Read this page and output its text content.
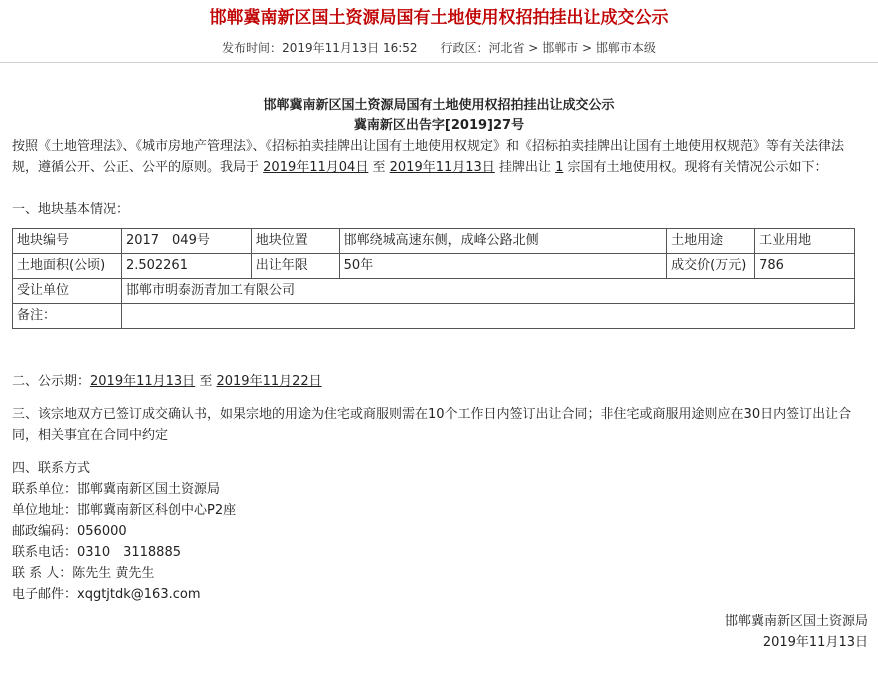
邯郸冀南新区国土资源局国有土地使用权招拍挂出让成交公示
发布时间：2019年11月13日 16:52 行政区：河北省 > 邯郸市 > 邯郸市本级
邯郸冀南新区国土资源局国有土地使用权招拍挂出让成交公示
冀南新区出告字[2019]27号

按照《土地管理法》、《城市房地产管理法》、《招标拍卖挂牌出让国有土地使用权规定》和《招标拍卖挂牌出让国有土地使用权规范》等有关法律法规，遵循公开、公正、公平的原则。我局于 2019年11月04日 至 2019年11月13日 挂牌出让 1 宗国有土地使用权。现将有关情况公示如下：

一、地块基本情况：

地块编号	2017　049号	地块位置	邯郸绕城高速东侧，成峰公路北侧	土地用途	工业用地
土地面积(公顷)	2.502261	出让年限	50年	成交价(万元)	786
受让单位	邯郸市明泰沥青加工有限公司				
备注：					

二、公示期：2019年11月13日 至 2019年11月22日

三、该宗地双方已签订成交确认书，如果宗地的用途为住宅或商服则需在10个工作日内签订出让合同；非住宅或商服用途则应在30日内签订出让合同，相关事宜在合同中约定

四、联系方式

联系单位：邯郸冀南新区国土资源局

单位地址：邯郸冀南新区科创中心P2座

邮政编码：056000

联系电话：0310　3118885

联 系 人：陈先生 黄先生

电子邮件：xqgtjtdk@163.com

邯郸冀南新区国土资源局

2019年11月13日
